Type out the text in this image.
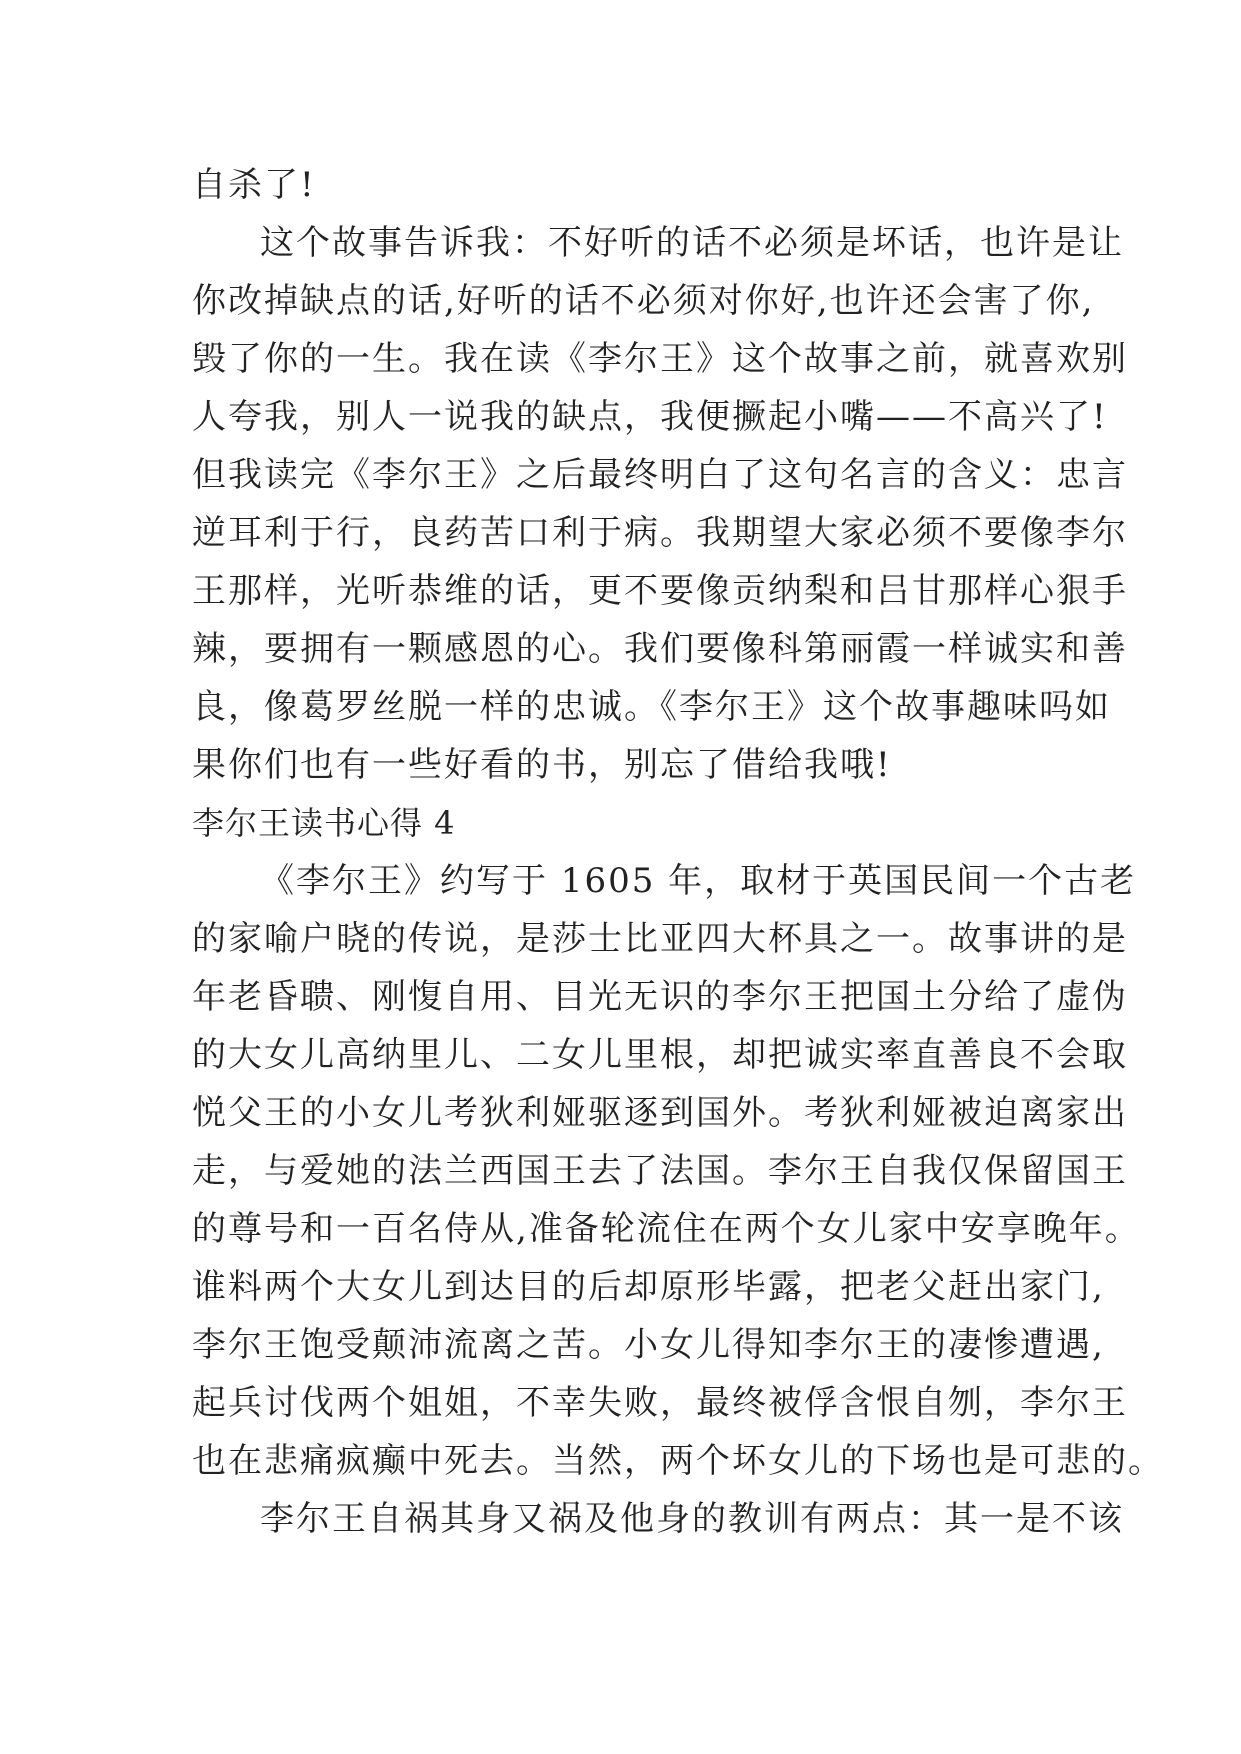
自杀了!
这个故事告诉我：不好听的话不必须是坏话，也许是让
你改掉缺点的话,好听的话不必须对你好,也许还会害了你,
毁了你的一生。我在读《李尔王》这个故事之前，就喜欢别
人夸我，别人一说我的缺点，我便撅起小嘴——不高兴了!
但我读完《李尔王》之后最终明白了这句名言的含义：忠言
逆耳利于行，良药苦口利于病。我期望大家必须不要像李尔
王那样，光听恭维的话，更不要像贡纳梨和吕甘那样心狠手
辣，要拥有一颗感恩的心。我们要像科第丽霞一样诚实和善
良，像葛罗丝脱一样的忠诚。《李尔王》这个故事趣味吗如
果你们也有一些好看的书，别忘了借给我哦!
李尔王读书心得 4
《李尔王》约写于 1605 年，取材于英国民间一个古老
的家喻户晓的传说，是莎士比亚四大杯具之一。故事讲的是
年老昏聩、刚愎自用、目光无识的李尔王把国土分给了虚伪
的大女儿高纳里儿、二女儿里根，却把诚实率直善良不会取
悦父王的小女儿考狄利娅驱逐到国外。考狄利娅被迫离家出
走，与爱她的法兰西国王去了法国。李尔王自我仅保留国王
的尊号和一百名侍从,准备轮流住在两个女儿家中安享晚年。
谁料两个大女儿到达目的后却原形毕露，把老父赶出家门,
李尔王饱受颠沛流离之苦。小女儿得知李尔王的凄惨遭遇,
起兵讨伐两个姐姐，不幸失败，最终被俘含恨自刎，李尔王
也在悲痛疯癫中死去。当然，两个坏女儿的下场也是可悲的。
李尔王自祸其身又祸及他身的教训有两点：其一是不该
